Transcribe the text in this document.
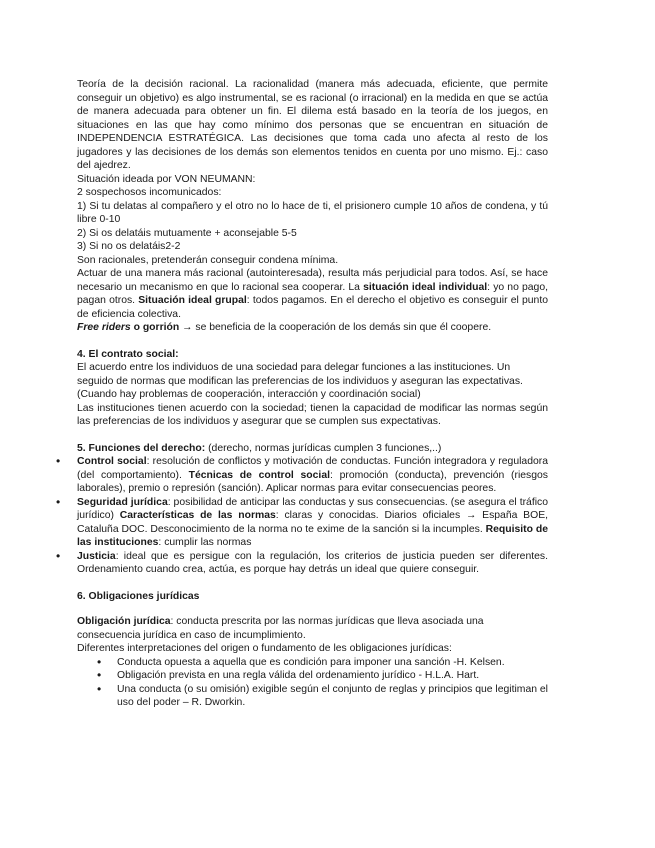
Teoría de la decisión racional. La racionalidad (manera más adecuada, eficiente, que permite conseguir un objetivo) es algo instrumental, se es racional (o irracional) en la medida en que se actúa de manera adecuada para obtener un fin. El dilema está basado en la teoría de los juegos, en situaciones en las que hay como mínimo dos personas que se encuentran en situación de INDEPENDENCIA ESTRATÉGICA. Las decisiones que toma cada uno afecta al resto de los jugadores y las decisiones de los demás son elementos tenidos en cuenta por uno mismo. Ej.: caso del ajedrez.

Situación ideada por VON NEUMANN:

2 sospechosos incomunicados:

1) Si tu delatas al compañero y el otro no lo hace de ti, el prisionero cumple 10 años de condena, y tú libre 0-10

2) Si os delatáis mutuamente + aconsejable 5-5

3) Si no os delatáis2-2

Son racionales, pretenderán conseguir condena mínima.

Actuar de una manera más racional (autointeresada), resulta más perjudicial para todos. Así, se hace necesario un mecanismo en que lo racional sea cooperar. La situación ideal individual: yo no pago, pagan otros. Situación ideal grupal: todos pagamos. En el derecho el objetivo es conseguir el punto de eficiencia colectiva.

Free riders o gorrión → se beneficia de la cooperación de los demás sin que él coopere.

4. El contrato social:

El acuerdo entre los individuos de una sociedad para delegar funciones a las instituciones. Un seguido de normas que modifican las preferencias de los individuos y aseguran las expectativas. (Cuando hay problemas de cooperación, interacción y coordinación social)

Las instituciones tienen acuerdo con la sociedad; tienen la capacidad de modificar las normas según las preferencias de los individuos y asegurar que se cumplen sus expectativas.

5. Funciones del derecho: (derecho, normas jurídicas cumplen 3 funciones,..)

• Control social: resolución de conflictos y motivación de conductas. Función integradora y reguladora (del comportamiento). Técnicas de control social: promoción (conducta), prevención (riesgos laborales), premio o represión (sanción). Aplicar normas para evitar consecuencias peores.
• Seguridad jurídica: posibilidad de anticipar las conductas y sus consecuencias. (se asegura el tráfico jurídico) Características de las normas: claras y conocidas. Diarios oficiales → España BOE, Cataluña DOC. Desconocimiento de la norma no te exime de la sanción si la incumples. Requisito de las instituciones: cumplir las normas
• Justicia: ideal que es persigue con la regulación, los criterios de justicia pueden ser diferentes. Ordenamiento cuando crea, actúa, es porque hay detrás un ideal que quiere conseguir.
6. Obligaciones jurídicas

Obligación jurídica: conducta prescrita por las normas jurídicas que lleva asociada una consecuencia jurídica en caso de incumplimiento.

Diferentes interpretaciones del origen o fundamento de les obligaciones jurídicas:

• Conducta opuesta a aquella que es condición para imponer una sanción -H. Kelsen.
• Obligación prevista en una regla válida del ordenamiento jurídico - H.L.A. Hart.
• Una conducta (o su omisión) exigible según el conjunto de reglas y principios que legitiman el uso del poder – R. Dworkin.
